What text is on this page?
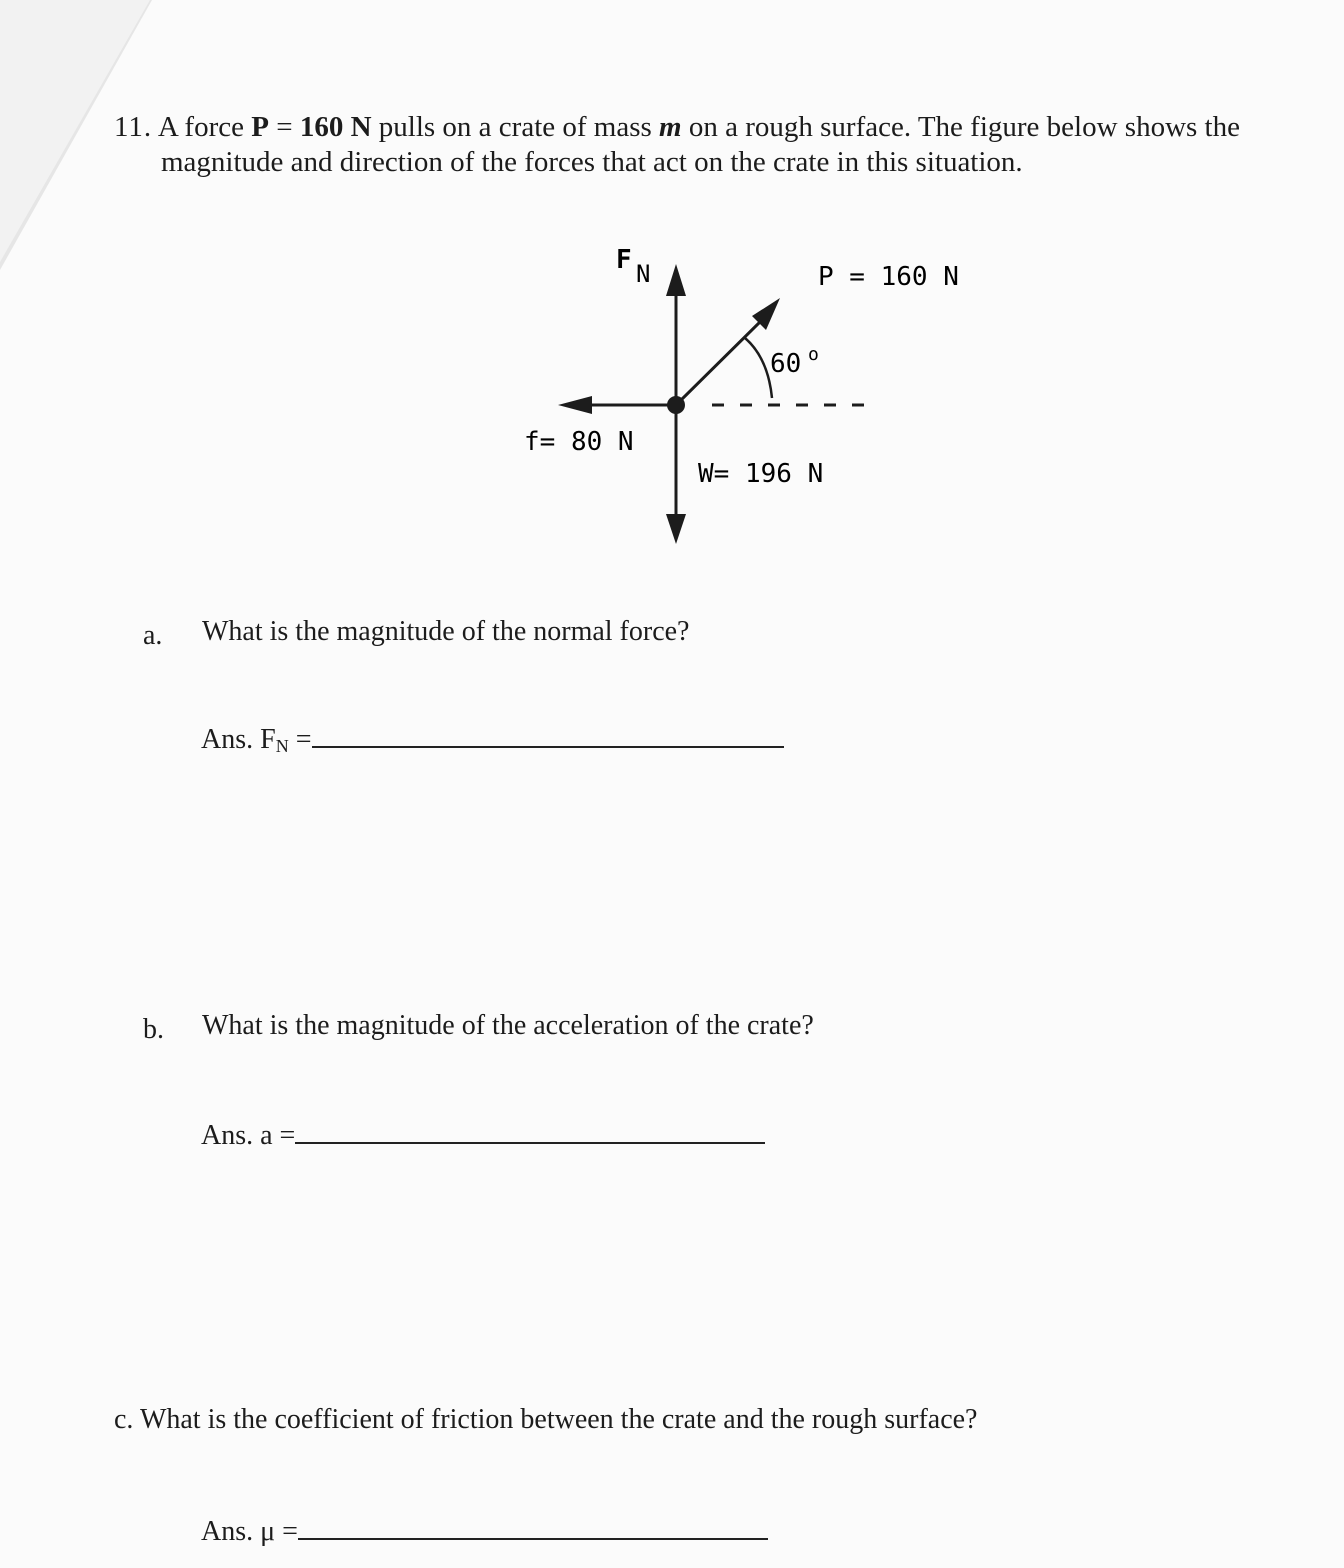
11. A force P = 160 N pulls on a crate of mass m on a rough surface. The figure below shows the
magnitude and direction of the forces that act on the crate in this situation.
F N	P = 160 N
60 o
f= 80 N
W= 196 N
a. What is the magnitude of the normal force?
Ans. $F_N$ =
b. What is the magnitude of the acceleration of the crate?
Ans. a =
c. What is the coefficient of friction between the crate and the rough surface?
Ans. μ =
